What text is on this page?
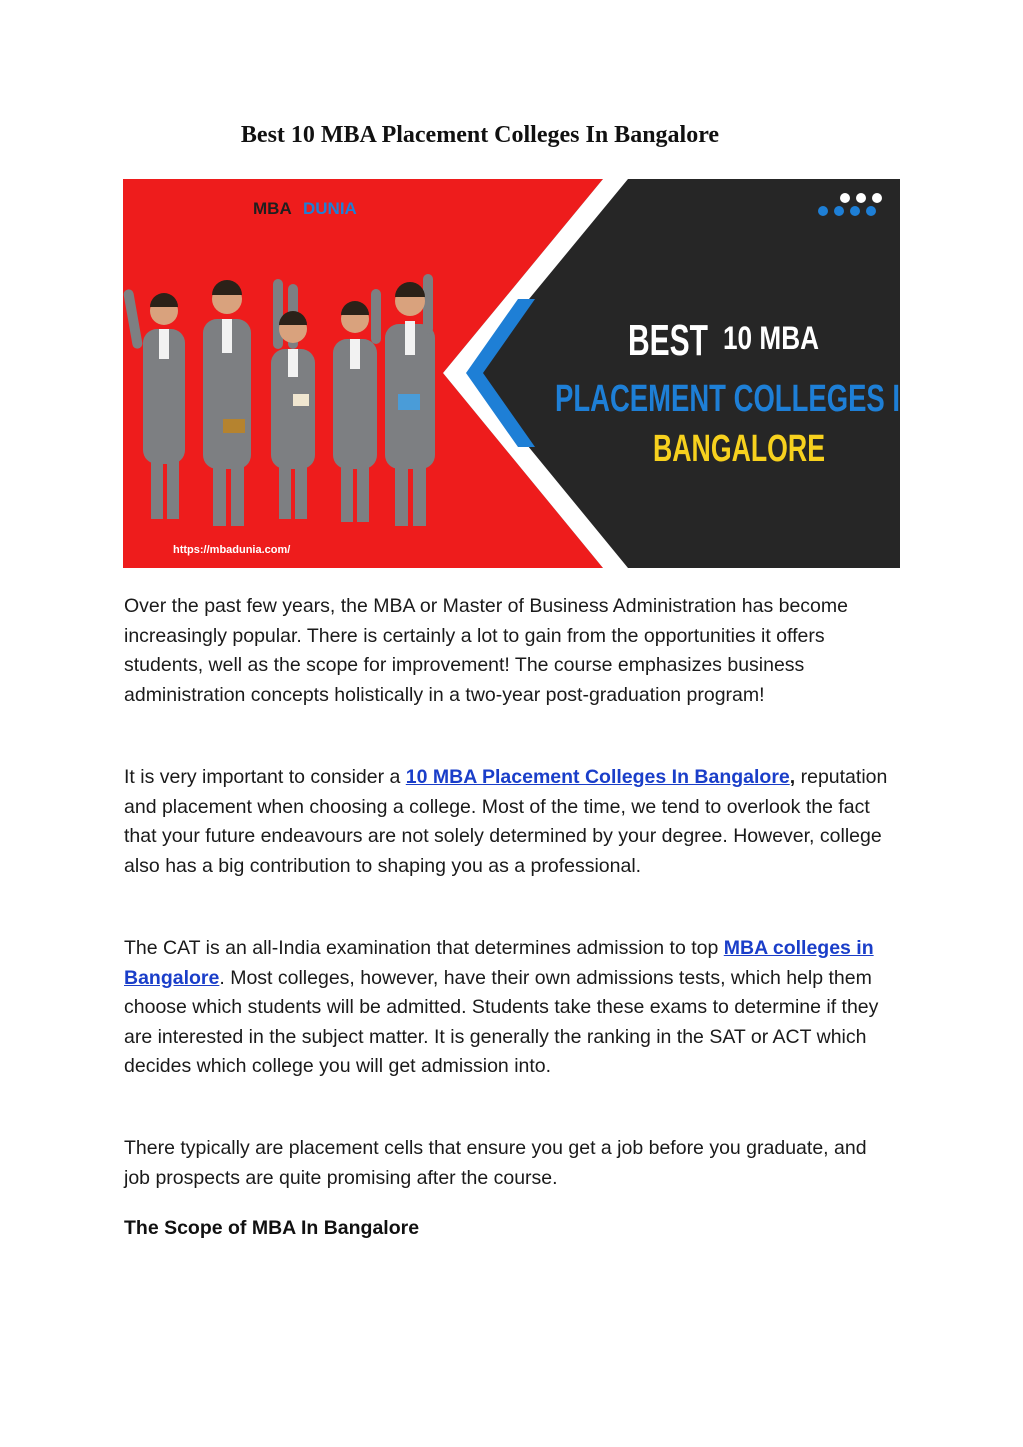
Best 10 MBA Placement Colleges In Bangalore
MBA DUNIA
https://mbadunia.com/
BEST 10 MBA
PLACEMENT COLLEGES I
BANGALORE

Over the past few years, the MBA or Master of Business Administration has become increasingly popular. There is certainly a lot to gain from the opportunities it offers students, well as the scope for improvement! The course emphasizes business administration concepts holistically in a two-year post-graduation program!

It is very important to consider a 10 MBA Placement Colleges In Bangalore, reputation and placement when choosing a college. Most of the time, we tend to overlook the fact that your future endeavours are not solely determined by your degree. However, college also has a big contribution to shaping you as a professional.

The CAT is an all-India examination that determines admission to top MBA colleges in Bangalore. Most colleges, however, have their own admissions tests, which help them choose which students will be admitted. Students take these exams to determine if they are interested in the subject matter. It is generally the ranking in the SAT or ACT which decides which college you will get admission into.

There typically are placement cells that ensure you get a job before you graduate, and job prospects are quite promising after the course.

The Scope of MBA In Bangalore
